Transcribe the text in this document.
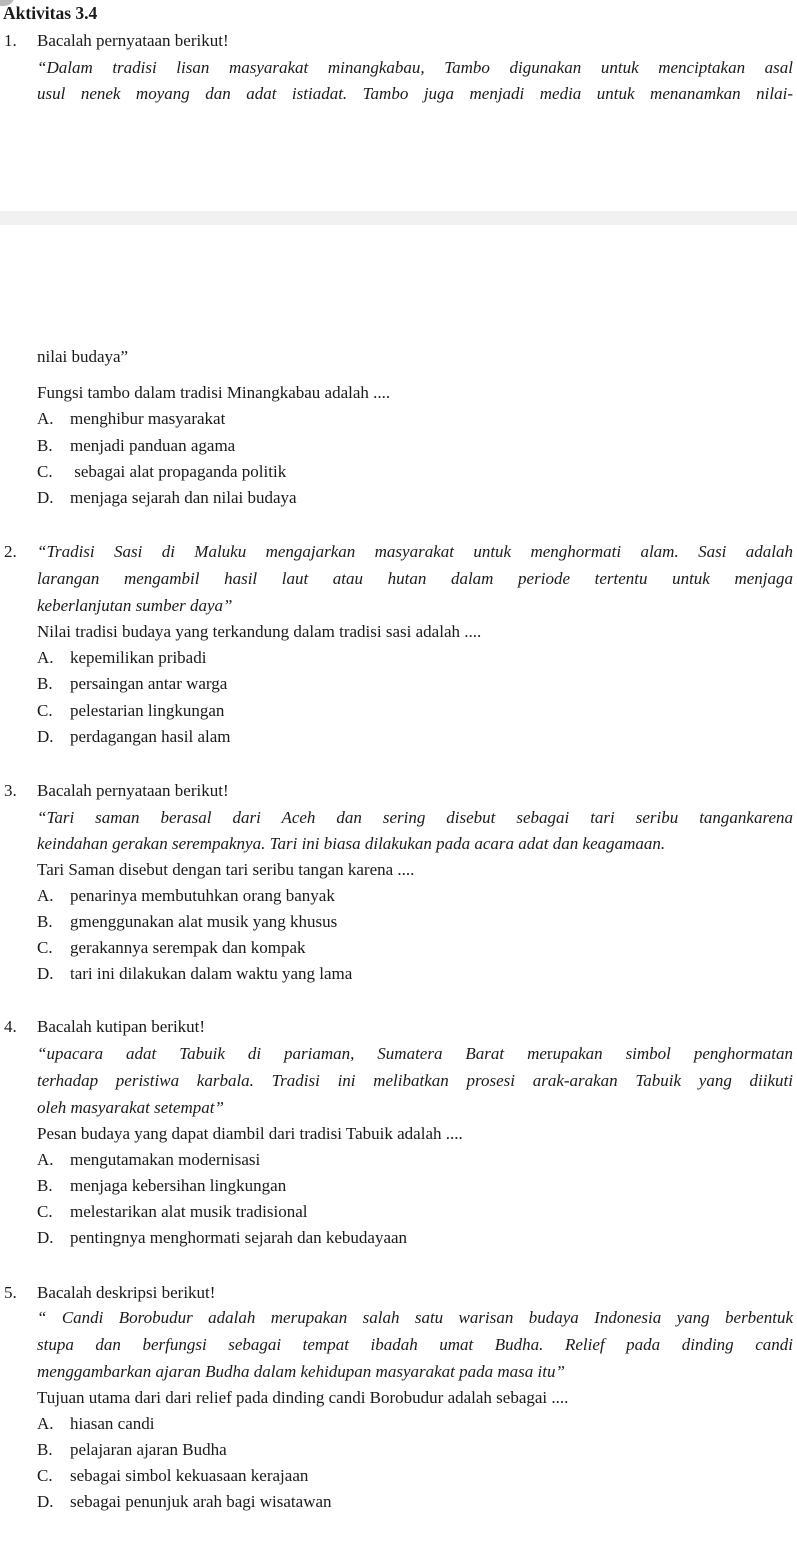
Aktivitas 3.4
1. Bacalah pernyataan berikut!
“Dalam tradisi lisan masyarakat minangkabau, Tambo digunakan untuk menciptakan asal
usul nenek moyang dan adat istiadat. Tambo juga menjadi media untuk menanamkan nilai-
nilai budaya”
Fungsi tambo dalam tradisi Minangkabau adalah ....
A. menghibur masyarakat
B. menjadi panduan agama
C. sebagai alat propaganda politik
D. menjaga sejarah dan nilai budaya
2. “Tradisi Sasi di Maluku mengajarkan masyarakat untuk menghormati alam. Sasi adalah
larangan mengambil hasil laut atau hutan dalam periode tertentu untuk menjaga
keberlanjutan sumber daya”
Nilai tradisi budaya yang terkandung dalam tradisi sasi adalah ....
A. kepemilikan pribadi
B. persaingan antar warga
C. pelestarian lingkungan
D. perdagangan hasil alam
3. Bacalah pernyataan berikut!
“Tari saman berasal dari Aceh dan sering disebut sebagai tari seribu tangankarena
keindahan gerakan serempaknya. Tari ini biasa dilakukan pada acara adat dan keagamaan.
Tari Saman disebut dengan tari seribu tangan karena ....
A. penarinya membutuhkan orang banyak
B. gmenggunakan alat musik yang khusus
C. gerakannya serempak dan kompak
D. tari ini dilakukan dalam waktu yang lama
4. Bacalah kutipan berikut!
“upacara adat Tabuik di pariaman, Sumatera Barat merupakan simbol penghormatan
terhadap peristiwa karbala. Tradisi ini melibatkan prosesi arak-arakan Tabuik yang diikuti
oleh masyarakat setempat”
Pesan budaya yang dapat diambil dari tradisi Tabuik adalah ....
A. mengutamakan modernisasi
B. menjaga kebersihan lingkungan
C. melestarikan alat musik tradisional
D. pentingnya menghormati sejarah dan kebudayaan
5. Bacalah deskripsi berikut!
“ Candi Borobudur adalah merupakan salah satu warisan budaya Indonesia yang berbentuk
stupa dan berfungsi sebagai tempat ibadah umat Budha. Relief pada dinding candi
menggambarkan ajaran Budha dalam kehidupan masyarakat pada masa itu”
Tujuan utama dari dari relief pada dinding candi Borobudur adalah sebagai ....
A. hiasan candi
B. pelajaran ajaran Budha
C. sebagai simbol kekuasaan kerajaan
D. sebagai penunjuk arah bagi wisatawan
